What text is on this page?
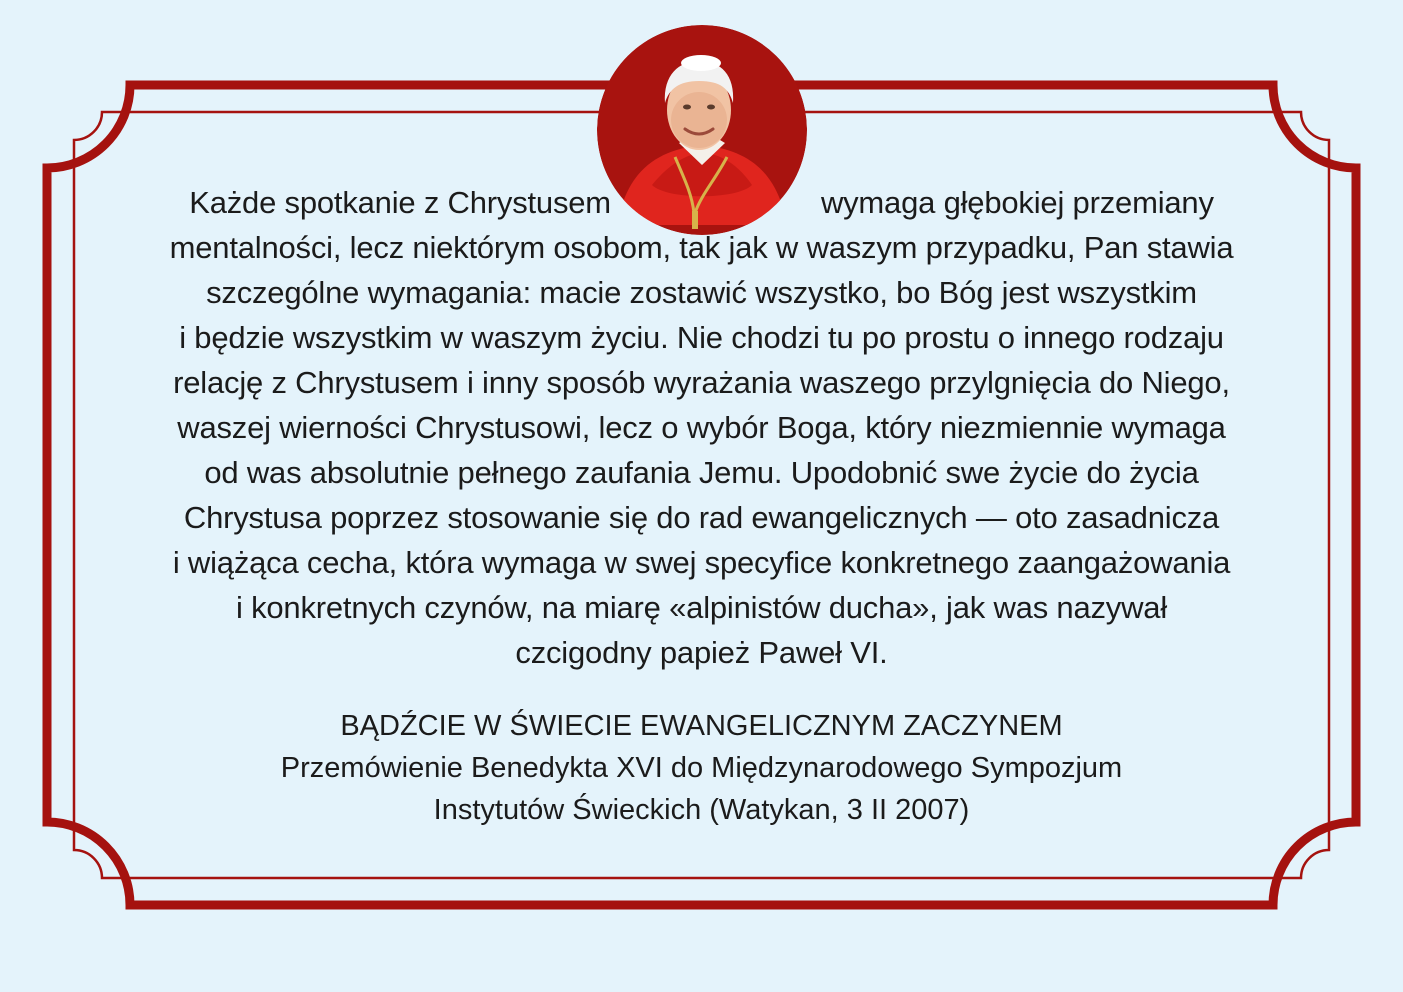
Każde spotkanie z Chrystusem	wymaga głębokiej przemiany
mentalności, lecz niektórym osobom, tak jak w waszym przypadku, Pan stawia
szczególne wymagania: macie zostawić wszystko, bo Bóg jest wszystkim
i będzie wszystkim w waszym życiu. Nie chodzi tu po prostu o innego rodzaju
relację z Chrystusem i inny sposób wyrażania waszego przylgnięcia do Niego,
waszej wierności Chrystusowi, lecz o wybór Boga, który niezmiennie wymaga
od was absolutnie pełnego zaufania Jemu. Upodobnić swe życie do życia
Chrystusa poprzez stosowanie się do rad ewangelicznych — oto zasadnicza
i wiążąca cecha, która wymaga w swej specyfice konkretnego zaangażowania
i konkretnych czynów, na miarę «alpinistów ducha», jak was nazywał
czcigodny papież Paweł VI.
BĄDŹCIE W ŚWIECIE EWANGELICZNYM ZACZYNEM
Przemówienie Benedykta XVI do Międzynarodowego Sympozjum
Instytutów Świeckich (Watykan, 3 II 2007)
